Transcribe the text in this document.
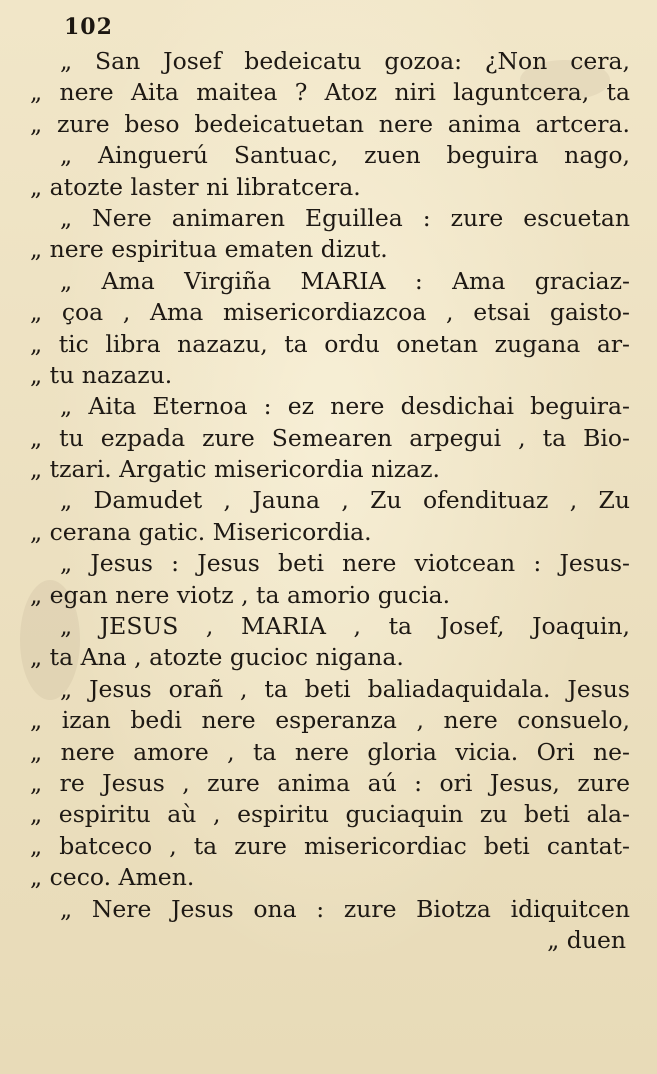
102
„ San Josef bedeicatu gozoa: ¿Non cera,
„ nere Aita maitea ? Atoz niri laguntcera, ta
„ zure beso bedeicatuetan nere anima artcera.
„ Ainguerú Santuac, zuen beguira nago,
„ atozte laster ni libratcera.
„ Nere animaren Eguillea : zure escuetan
„ nere espiritua ematen dizut.
„ Ama Virgiña MARIA : Ama graciaz-
„ çoa , Ama misericordiazcoa , etsai gaisto-
„ tic libra nazazu, ta ordu onetan zugana ar-
„ tu nazazu.
„ Aita Eternoa : ez nere desdichai beguira-
„ tu ezpada zure Semearen arpegui , ta Bio-
„ tzari. Argatic misericordia nizaz.
„ Damudet , Jauna , Zu ofendituaz , Zu
„ cerana gatic. Misericordia.
„ Jesus : Jesus beti nere viotcean : Jesus-
„ egan nere viotz , ta amorio gucia.
„ JESUS , MARIA , ta Josef, Joaquin,
„ ta Ana , atozte gucioc nigana.
„ Jesus orañ , ta beti baliadaquidala. Jesus
„ izan bedi nere esperanza , nere consuelo,
„ nere amore , ta nere gloria vicia. Ori ne-
„ re Jesus , zure anima aú : ori Jesus, zure
„ espiritu aù , espiritu guciaquin zu beti ala-
„ batceco , ta zure misericordiac beti cantat-
„ ceco. Amen.
„ Nere Jesus ona : zure Biotza idiquitcen
„ duen
